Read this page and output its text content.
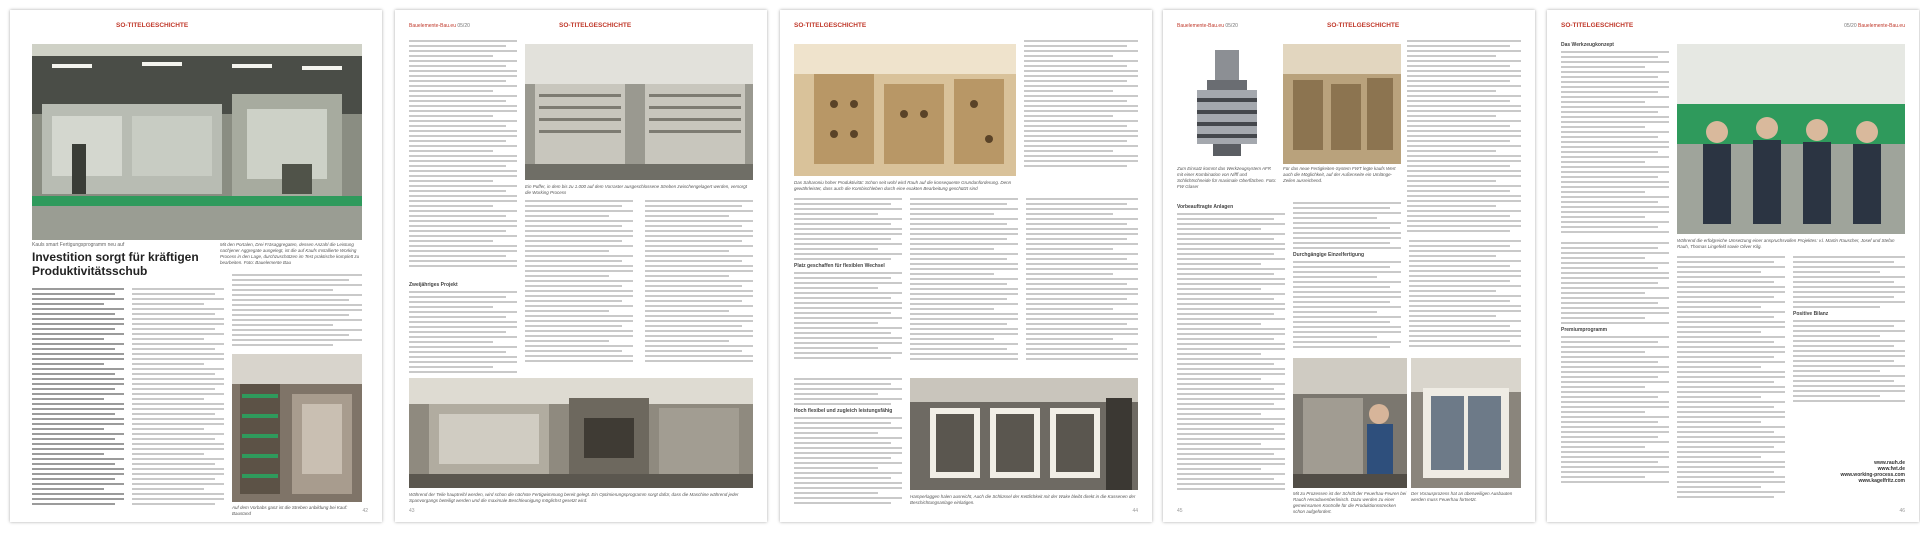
SO-TITELGESCHICHTE
Mit den Portalen, Drei Fräsaggregaten, dessen Anzahl die Leistung nachjener Aggregate ausgelegt, ist die auf Kaufs Installierte Working Process in den Lage, durchzuschützen im Test praktische komplett zu bearbeiten. Foto: Bauelemente Bau
Kauls smart Fertigungsprogramm neu auf
Investition sorgt für kräftigen Produktivitätsschub
Auf dem Vorbabs ganz ist die Streben anbildung bei Kauf: Baustand	42
Bauelemente-Bau.eu 05/20	SO-TITELGESCHICHTE
Ein Puffer, in dem bis zu 1.000 auf dem Vorraster ausgeschlossene Streben zwischengelagert werden, versorgt die Working Process
Zweijähriges Projekt
Während der Teile hauptreihl werden, wird schon die nächste Fertigwimmung bereit gelegt. Ein Optimierungsprogramm sorgt dafür, dass die Maschine während jeder Spanvorgangs beteiligt werden und die maximale Beschleunigung möglichst gesetzt wird.
43
SO-TITELGESCHICHTE
Das Saharoniu hoher Produktivität: Schon seit wohl wird Rauh auf die konsequente Grundanforderung. Denn gewährleistet, dass auch die Kombischleben durch eine exakten Bearbeitung geschützt sind
Platz geschaffen für flexiblen Wechsel
Hoch flexibel und zugleich leistungsfähig
Hamperlaggen halen ausreicht, Auch die Schlüssel der Kettlichkeit mit der Wake bleibt direkt in die Kassenen der Beschichtungsanlage einlatigen.
44
Bauelemente-Bau.eu 05/20	SO-TITELGESCHICHTE
Zum Einsatz kommt das Werkzeugsystem AFR mit einer Kombination von Nifff und Schlichtschneide für maximale Oberflächen. Foto: FW Glaser
Für das neue Fertigkeiten-System FWT legte kaufs Wert auch die Möglichkeit, auf der Außenseite ein Umlänge-Zeilen ausreichend.
Vorbeauftragte Anlagen
Durchgängige Einzelfertigung
Mit zu Prozessen ist der Schritt der Feuerhau-Feuren bei Rauch Heradavenberlinisch. Dazu werden zu einer gemeinsamen Kontrolle für die Produktionsstrecken schon aufgefordert.
Der Vorausprozess hat an überweiligen Ausbauten werden muss Feuerhau fortsetzt.
45
SO-TITELGESCHICHTE	05/20 Bauelemente-Bau.eu
Das Werkzeugkonzept
Während die erfolgreiche Umsetzung einer anspruchsvollen Projektes: v.l. Martin Rauscher, Josef und Stefan Rauh, Thomas Lingefeld sowie Oliver Kilg.
Premiumprogramm
Positive Bilanz
www.rauh.de
www.fwt.de
www.working-process.com
www.kagelfritz.com
46
